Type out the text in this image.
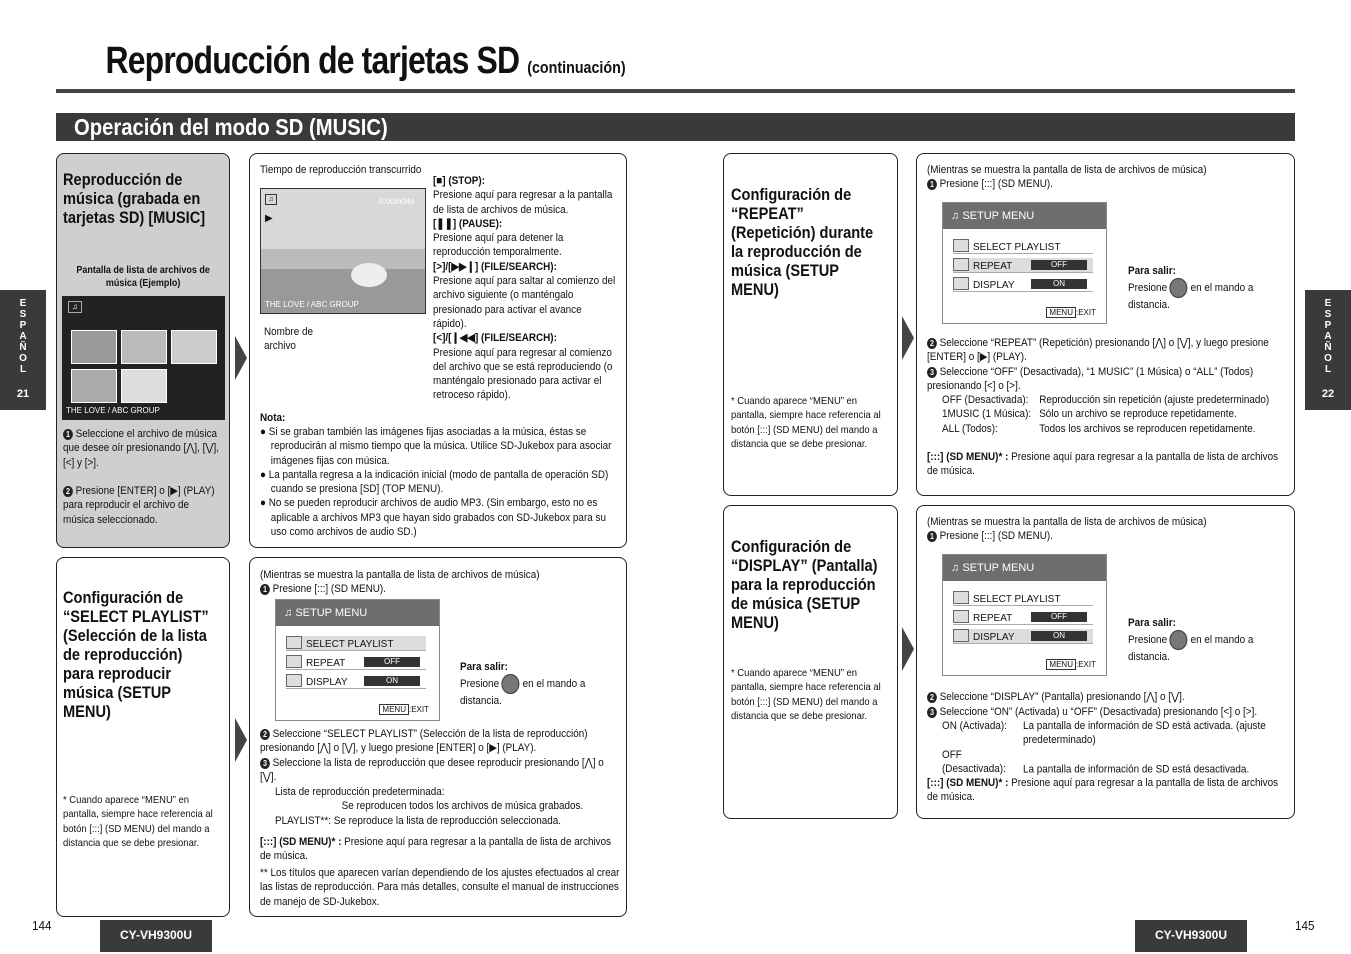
Reproducción de tarjetas SD (continuación)
Operación del modo SD (MUSIC)
E S P A Ñ O L
21
E S P A Ñ O L
22
Reproducción de música (grabada en tarjetas SD) [MUSIC]
Pantalla de lista de archivos de música (Ejemplo)
♫
THE LOVE / ABC GROUP
1 Seleccione el archivo de música que desee oír presionando [⋀], [⋁], [<] y [>].
2 Presione [ENTER] o [▶] (PLAY) para reproducir el archivo de música seleccionado.
Tiempo de reproducción transcurrido
♫
▶
0:00m04s
THE LOVE / ABC GROUP
Nombre de archivo
[■] (STOP):
Presione aquí para regresar a la pantalla de lista de archivos de música.
[❚❚] (PAUSE):
Presione aquí para detener la reproducción temporalmente.
[>]/[▶▶❙] (FILE/SEARCH):
Presione aquí para saltar al comienzo del archivo siguiente (o manténgalo presionado para activar el avance rápido).
[<]/[❙◀◀] (FILE/SEARCH):
Presione aquí para regresar al comienzo del archivo que se está reproduciendo (o manténgalo presionado para activar el retroceso rápido).
Nota:
● Si se graban también las imágenes fijas asociadas a la música, éstas se reproducirán al mismo tiempo que la música. Utilice SD-Jukebox para asociar imágenes fijas con música.
● La pantalla regresa a la indicación inicial (modo de pantalla de operación SD) cuando se presiona [SD] (TOP MENU).
● No se pueden reproducir archivos de audio MP3. (Sin embargo, esto no es aplicable a archivos MP3 que hayan sido grabados con SD-Jukebox para su uso como archivos de audio SD.)
Configuración de “SELECT PLAYLIST” (Selección de la lista de reproducción) para reproducir música (SETUP MENU)
* Cuando aparece “MENU” en pantalla, siempre hace referencia al botón [:::] (SD MENU) del mando a distancia que se debe presionar.
(Mientras se muestra la pantalla de lista de archivos de música)
1 Presione [:::] (SD MENU).
♫ SETUP MENU
SELECT PLAYLIST
REPEAT	OFF
DISPLAY	ON
MENU :EXIT
Para salir:
Presione en el mando a distancia.
2 Seleccione “SELECT PLAYLIST” (Selección de la lista de reproducción) presionando [⋀] o [⋁], y luego presione [ENTER] o [▶] (PLAY).
3 Seleccione la lista de reproducción que desee reproducir presionando [⋀] o [⋁].
Lista de reproducción predeterminada:
Se reproducen todos los archivos de música grabados.
PLAYLIST**: Se reproduce la lista de reproducción seleccionada.
[:::] (SD MENU)* : Presione aquí para regresar a la pantalla de lista de archivos de música.
** Los títulos que aparecen varían dependiendo de los ajustes efectuados al crear las listas de reproducción. Para más detalles, consulte el manual de instrucciones de manejo de SD-Jukebox.
Configuración de “REPEAT” (Repetición) durante la reproducción de música (SETUP MENU)
* Cuando aparece “MENU” en pantalla, siempre hace referencia al botón [:::] (SD MENU) del mando a distancia que se debe presionar.
(Mientras se muestra la pantalla de lista de archivos de música)
1 Presione [:::] (SD MENU).
♫ SETUP MENU
SELECT PLAYLIST
REPEAT	OFF
DISPLAY	ON
MENU :EXIT
Para salir:
Presione en el mando a distancia.
2 Seleccione “REPEAT” (Repetición) presionando [⋀] o [⋁], y luego presione [ENTER] o [▶] (PLAY).
3 Seleccione “OFF” (Desactivada), “1 MUSIC” (1 Música) o “ALL” (Todos) presionando [<] o [>].
OFF (Desactivada): Reproducción sin repetición (ajuste predeterminado)
1MUSIC (1 Música): Sólo un archivo se reproduce repetidamente.
ALL (Todos):	Todos los archivos se reproducen repetidamente.
[:::] (SD MENU)* : Presione aquí para regresar a la pantalla de lista de archivos de música.
Configuración de “DISPLAY” (Pantalla) para la reproducción de música (SETUP MENU)
* Cuando aparece “MENU” en pantalla, siempre hace referencia al botón [:::] (SD MENU) del mando a distancia que se debe presionar.
(Mientras se muestra la pantalla de lista de archivos de música)
1 Presione [:::] (SD MENU).
♫ SETUP MENU
SELECT PLAYLIST
REPEAT	OFF
DISPLAY	ON
MENU :EXIT
Para salir:
Presione en el mando a distancia.
2 Seleccione “DISPLAY” (Pantalla) presionando [⋀] o [⋁].
3 Seleccione “ON” (Activada) u “OFF” (Desactivada) presionando [<] o [>].
ON (Activada): La pantalla de información de SD está activada. (ajuste predeterminado)
OFF (Desactivada): La pantalla de información de SD está desactivada.
[:::] (SD MENU)* : Presione aquí para regresar a la pantalla de lista de archivos de música.
144
CY-VH9300U	CY-VH9300U
145
